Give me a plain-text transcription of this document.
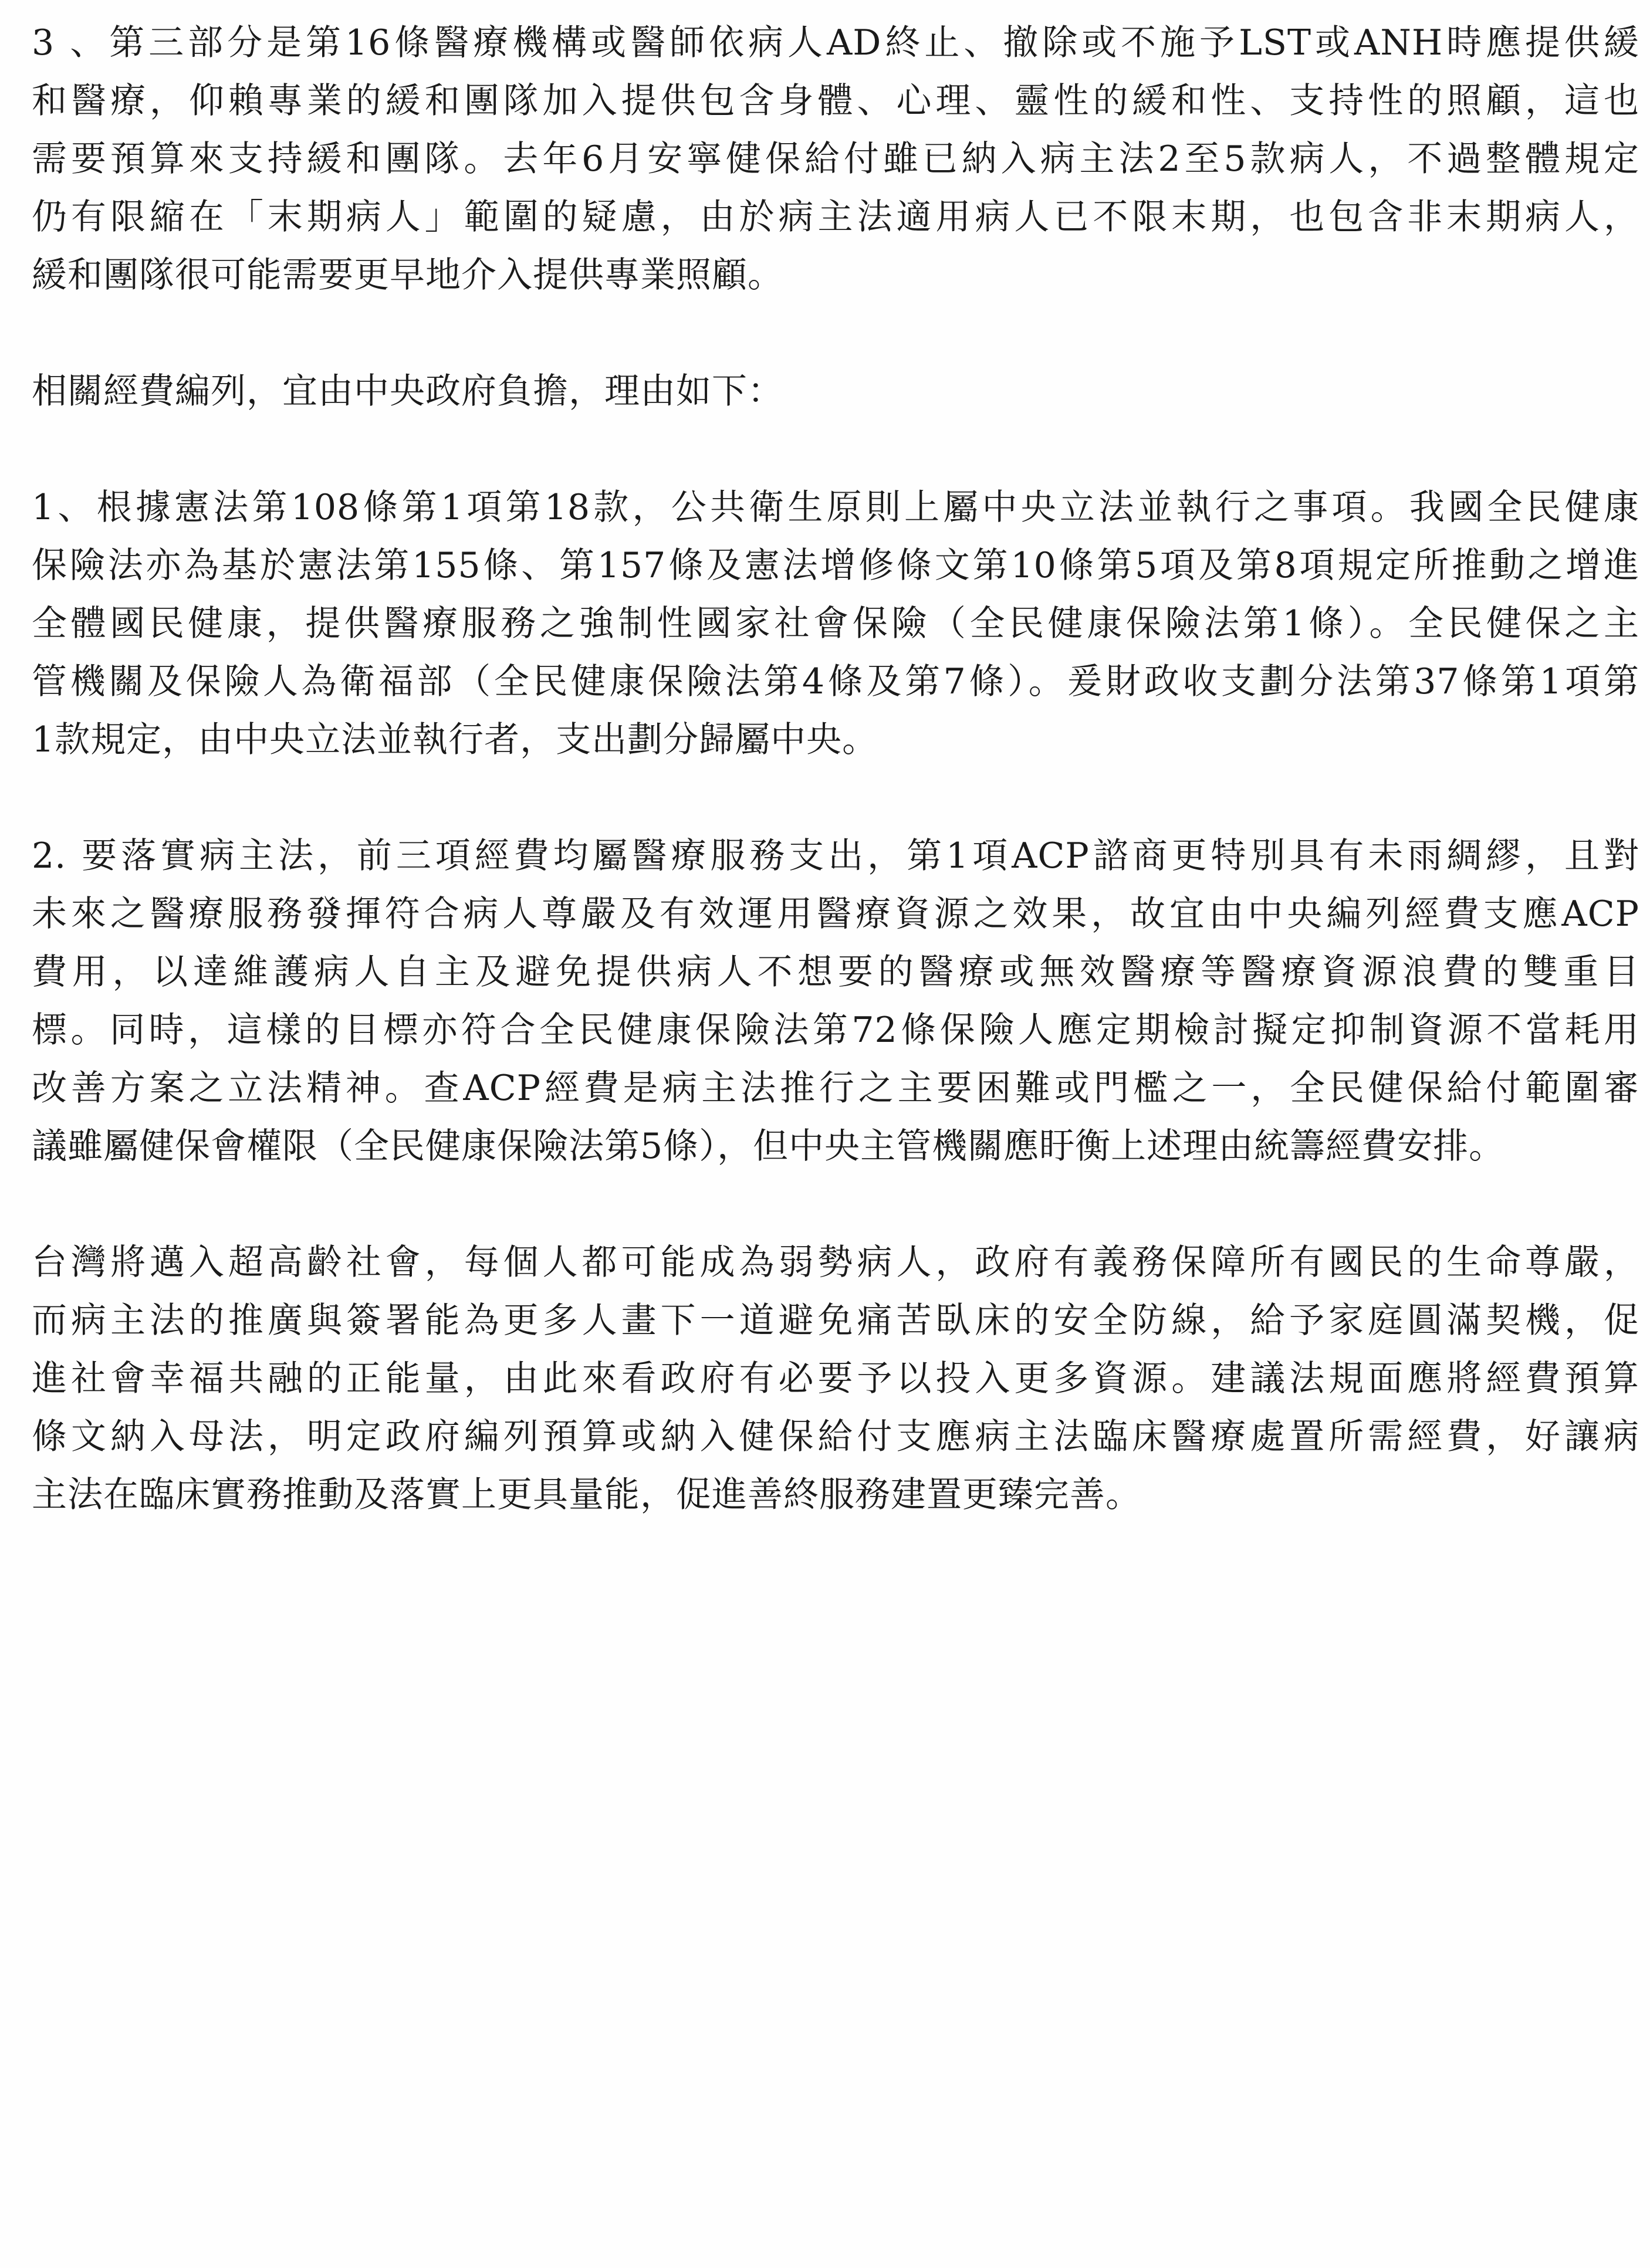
3 、第三部分是第16條醫療機構或醫師依病人AD終止、撤除或不施予LST或ANH時應提供緩
和醫療，仰賴專業的緩和團隊加入提供包含身體、心理、靈性的緩和性、支持性的照顧，這也
需要預算來支持緩和團隊。去年6月安寧健保給付雖已納入病主法2至5款病人，不過整體規定
仍有限縮在「末期病人」範圍的疑慮，由於病主法適用病人已不限末期，也包含非末期病人，
緩和團隊很可能需要更早地介入提供專業照顧。
相關經費編列，宜由中央政府負擔，理由如下：
1、根據憲法第108條第1項第18款，公共衛生原則上屬中央立法並執行之事項。我國全民健康
保險法亦為基於憲法第155條、第157條及憲法增修條文第10條第5項及第8項規定所推動之增進
全體國民健康，提供醫療服務之強制性國家社會保險（全民健康保險法第1條）。全民健保之主
管機關及保險人為衛福部（全民健康保險法第4條及第7條）。爰財政收支劃分法第37條第1項第
1款規定，由中央立法並執行者，支出劃分歸屬中央。
2. 要落實病主法，前三項經費均屬醫療服務支出，第1項ACP諮商更特別具有未雨綢繆，且對
未來之醫療服務發揮符合病人尊嚴及有效運用醫療資源之效果，故宜由中央編列經費支應ACP
費用，以達維護病人自主及避免提供病人不想要的醫療或無效醫療等醫療資源浪費的雙重目
標。同時，這樣的目標亦符合全民健康保險法第72條保險人應定期檢討擬定抑制資源不當耗用
改善方案之立法精神。查ACP經費是病主法推行之主要困難或門檻之一，全民健保給付範圍審
議雖屬健保會權限（全民健康保險法第5條），但中央主管機關應盱衡上述理由統籌經費安排。
台灣將邁入超高齡社會，每個人都可能成為弱勢病人，政府有義務保障所有國民的生命尊嚴，
而病主法的推廣與簽署能為更多人畫下一道避免痛苦臥床的安全防線，給予家庭圓滿契機，促
進社會幸福共融的正能量，由此來看政府有必要予以投入更多資源。建議法規面應將經費預算
條文納入母法，明定政府編列預算或納入健保給付支應病主法臨床醫療處置所需經費，好讓病
主法在臨床實務推動及落實上更具量能，促進善終服務建置更臻完善。
